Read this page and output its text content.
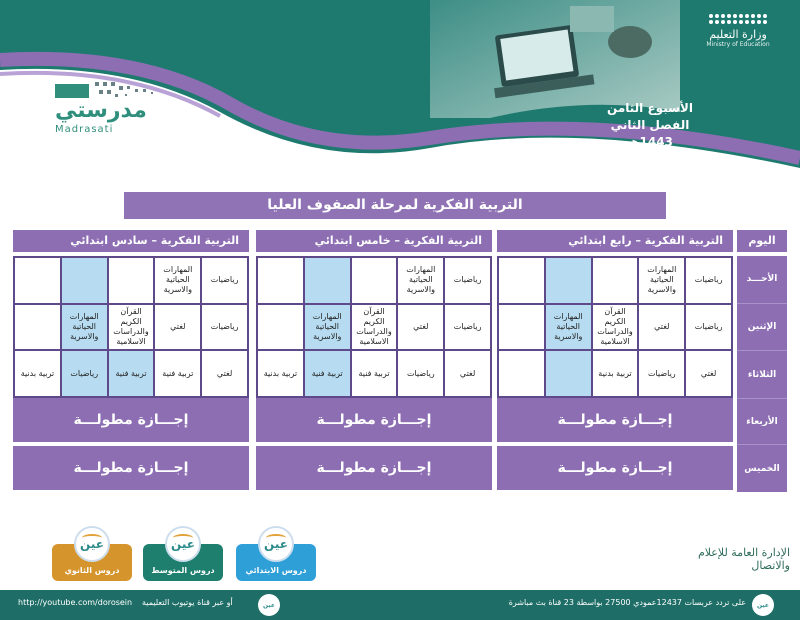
وزارة التعليم
Ministry of Education
الأسبوع الثامن
الفصل الثاني 1443هـ
مدرستي
Madrasati
التربية الفكرية لمرحلة الصفوف العليا
اليوم
الأحـــد
الإثنين
الثلاثاء
الأربعاء
الخميس
التربية الفكرية – رابع ابتدائي
رياضيات
المهارات الحياتية والاسرية
رياضيات
لغتي
القرآن الكريم والدراسات الاسلامية
المهارات الحياتية والاسرية
لغتي
رياضيات
تربية بدنية
إجـــازة مطولـــة
إجـــازة مطولـــة
التربية الفكرية – خامس ابتدائي
رياضيات
المهارات الحياتية والاسرية
رياضيات
لغتي
القرآن الكريم والدراسات الاسلامية
المهارات الحياتية والاسرية
لغتي
رياضيات
تربية فنية
تربية فنية
تربية بدنية
إجـــازة مطولـــة
إجـــازة مطولـــة
التربية الفكرية – سادس ابتدائي
رياضيات
المهارات الحياتية والاسرية
رياضيات
لغتي
القرآن الكريم والدراسات الاسلامية
المهارات الحياتية والاسرية
لغتي
تربية فنية
تربية فنية
رياضيات
تربية بدنية
إجـــازة مطولـــة
إجـــازة مطولـــة
عين
دروس الابتدائي
عين
دروس المتوسط
عين
دروس الثانوي
الإدارة العامة للإعلام والاتصال
عين
على تردد عربسات 12437عمودي 27500 بواسطة 23 قناة بث مباشرة
عين
أو عبر قناة يوتيوب التعليمية
http://youtube.com/dorosein
